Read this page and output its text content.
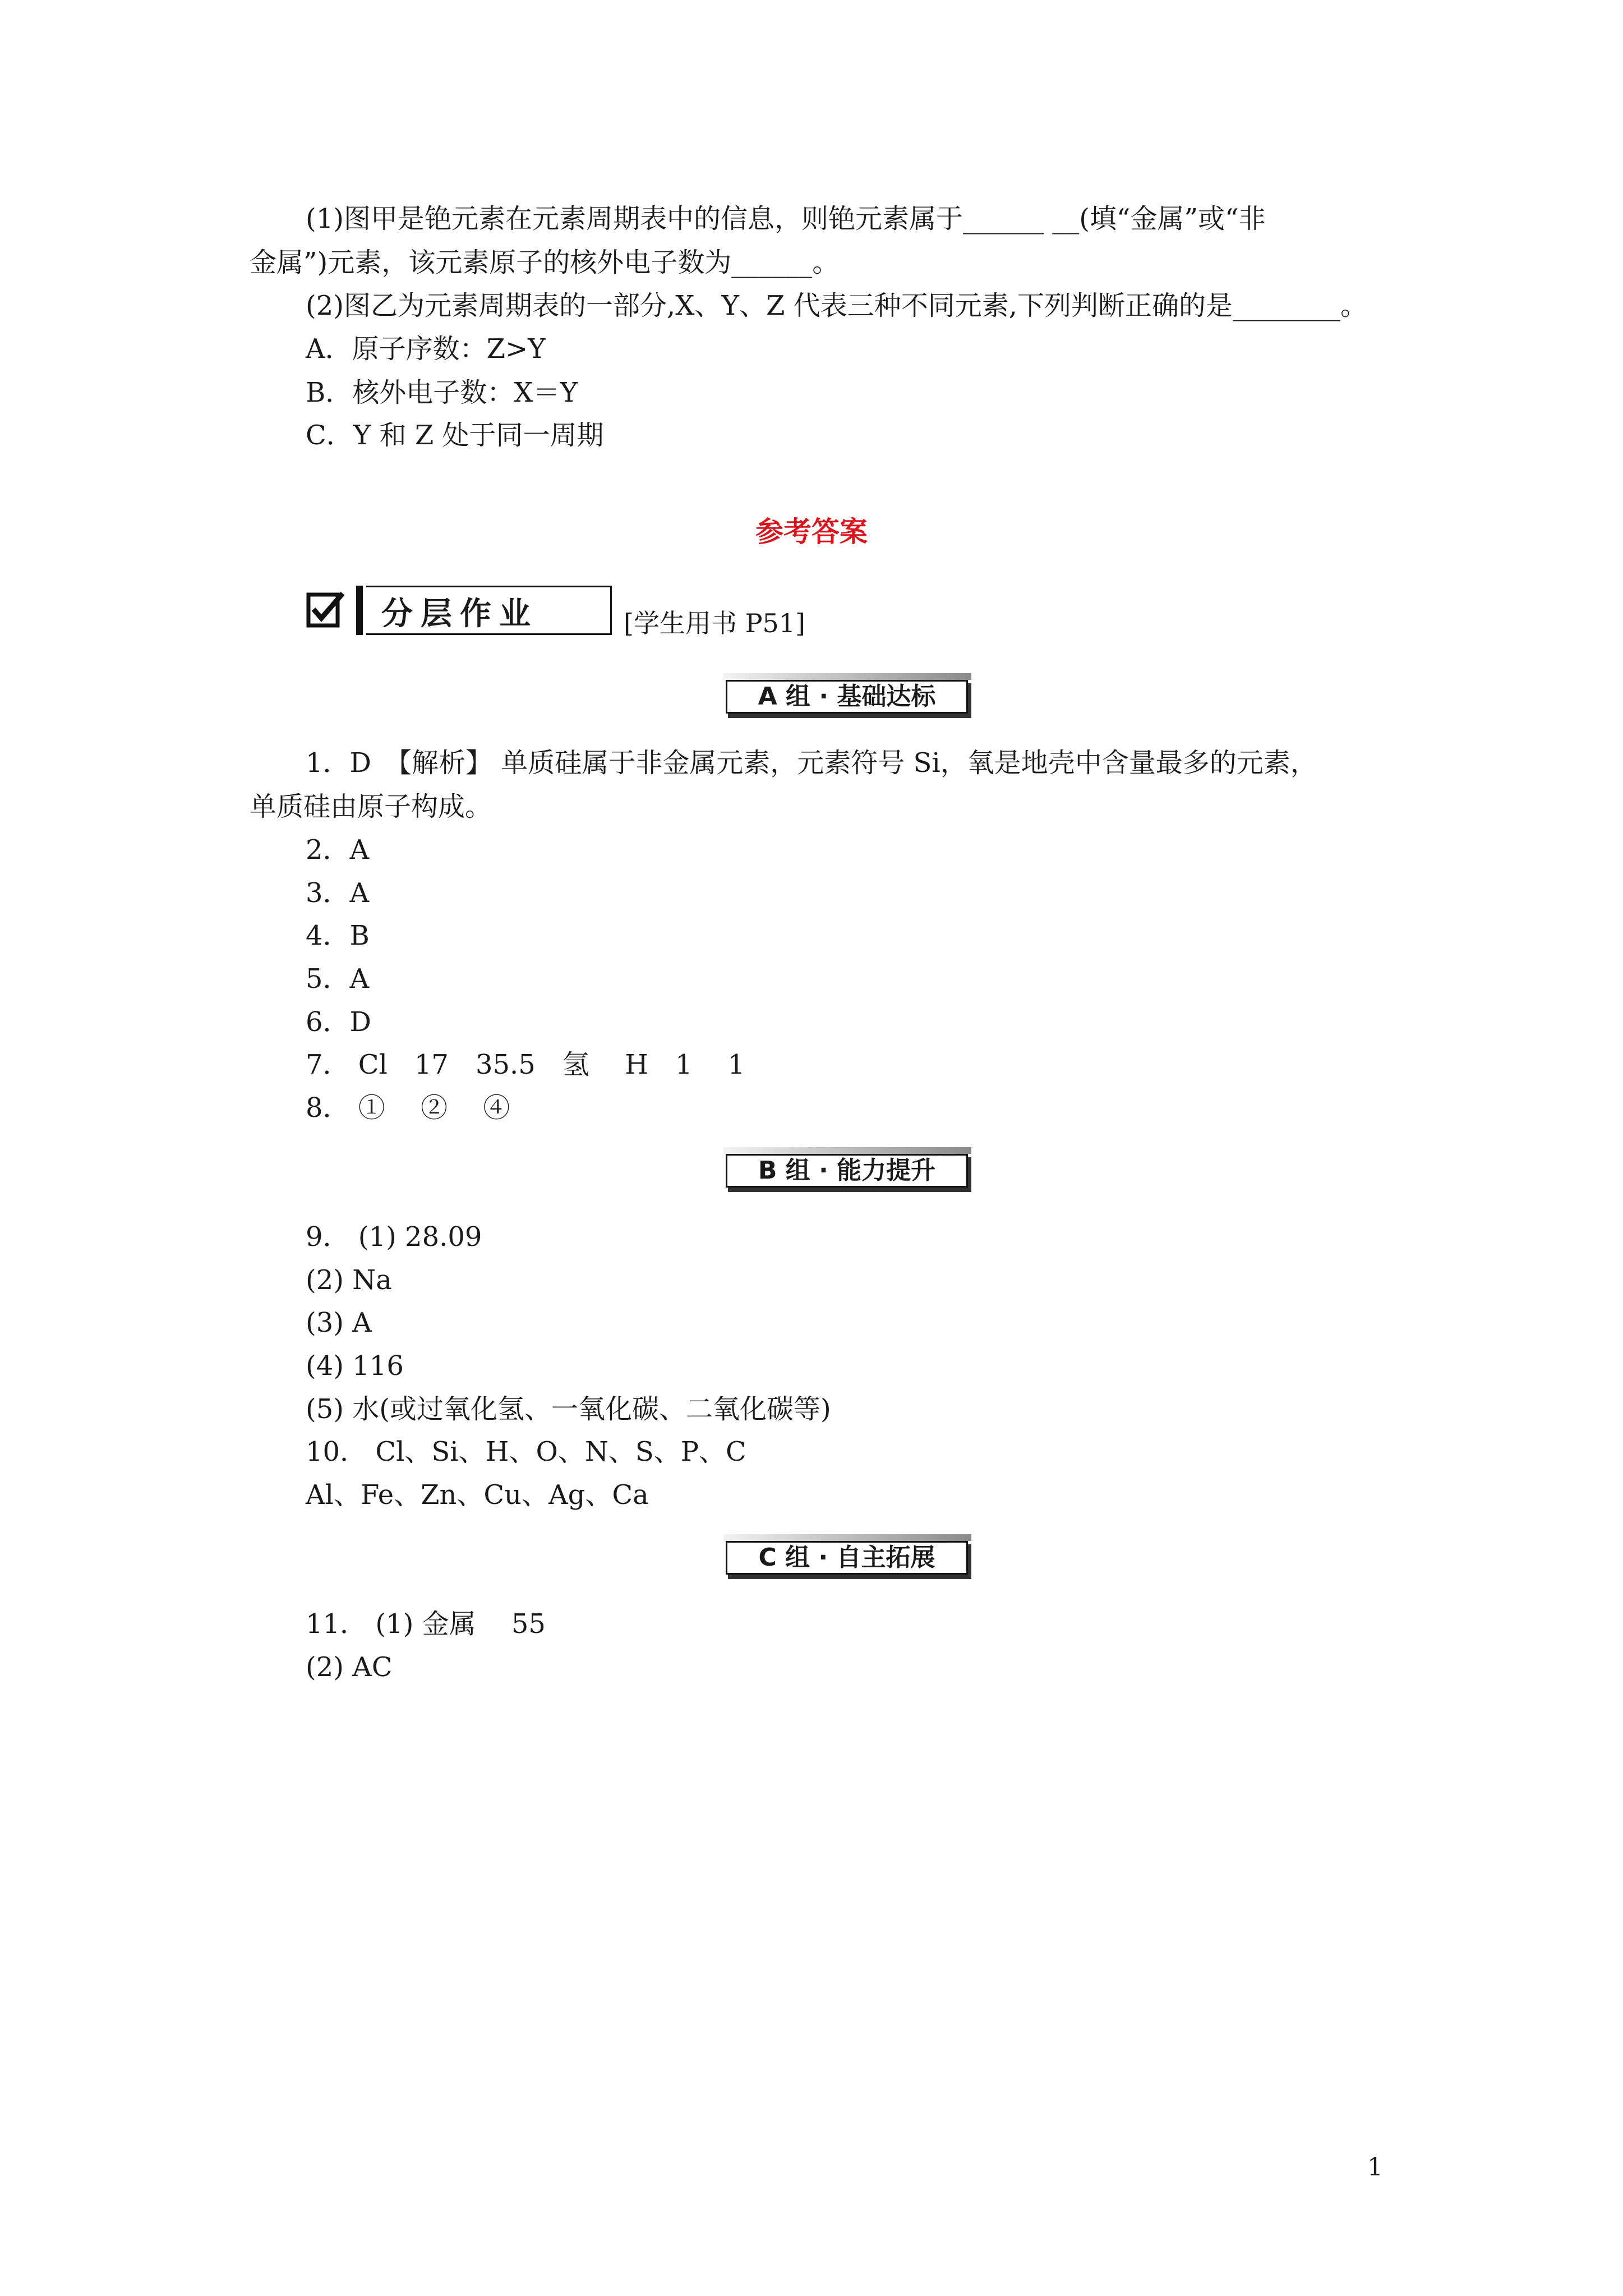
(1)图甲是铯元素在元素周期表中的信息，则铯元素属于______ __(填“金属”或“非
金属”)元素，该元素原子的核外电子数为______。
(2)图乙为元素周期表的一部分,X、Y、Z 代表三种不同元素,下列判断正确的是________。
A．原子序数：Z>Y
B．核外电子数：X＝Y
C．Y 和 Z 处于同一周期
参考答案
分层作业	[学生用书 P51]
A 组 · 基础达标
1．D　【解析】 单质硅属于非金属元素，元素符号 Si，氧是地壳中含量最多的元素，
单质硅由原子构成。
2．A
3．A
4．B
5．A
6．D
7． Cl　17　35.5　氢　 H　1　 1
8． ①　 ②　 ④
B 组 · 能力提升
9． (1) 28.09
(2) Na
(3) A
(4) 116
(5) 水(或过氧化氢、一氧化碳、二氧化碳等)
10． Cl、Si、H、O、N、S、P、C
Al、Fe、Zn、Cu、Ag、Ca
C 组 · 自主拓展
11． (1) 金属　 55
(2) AC
1
